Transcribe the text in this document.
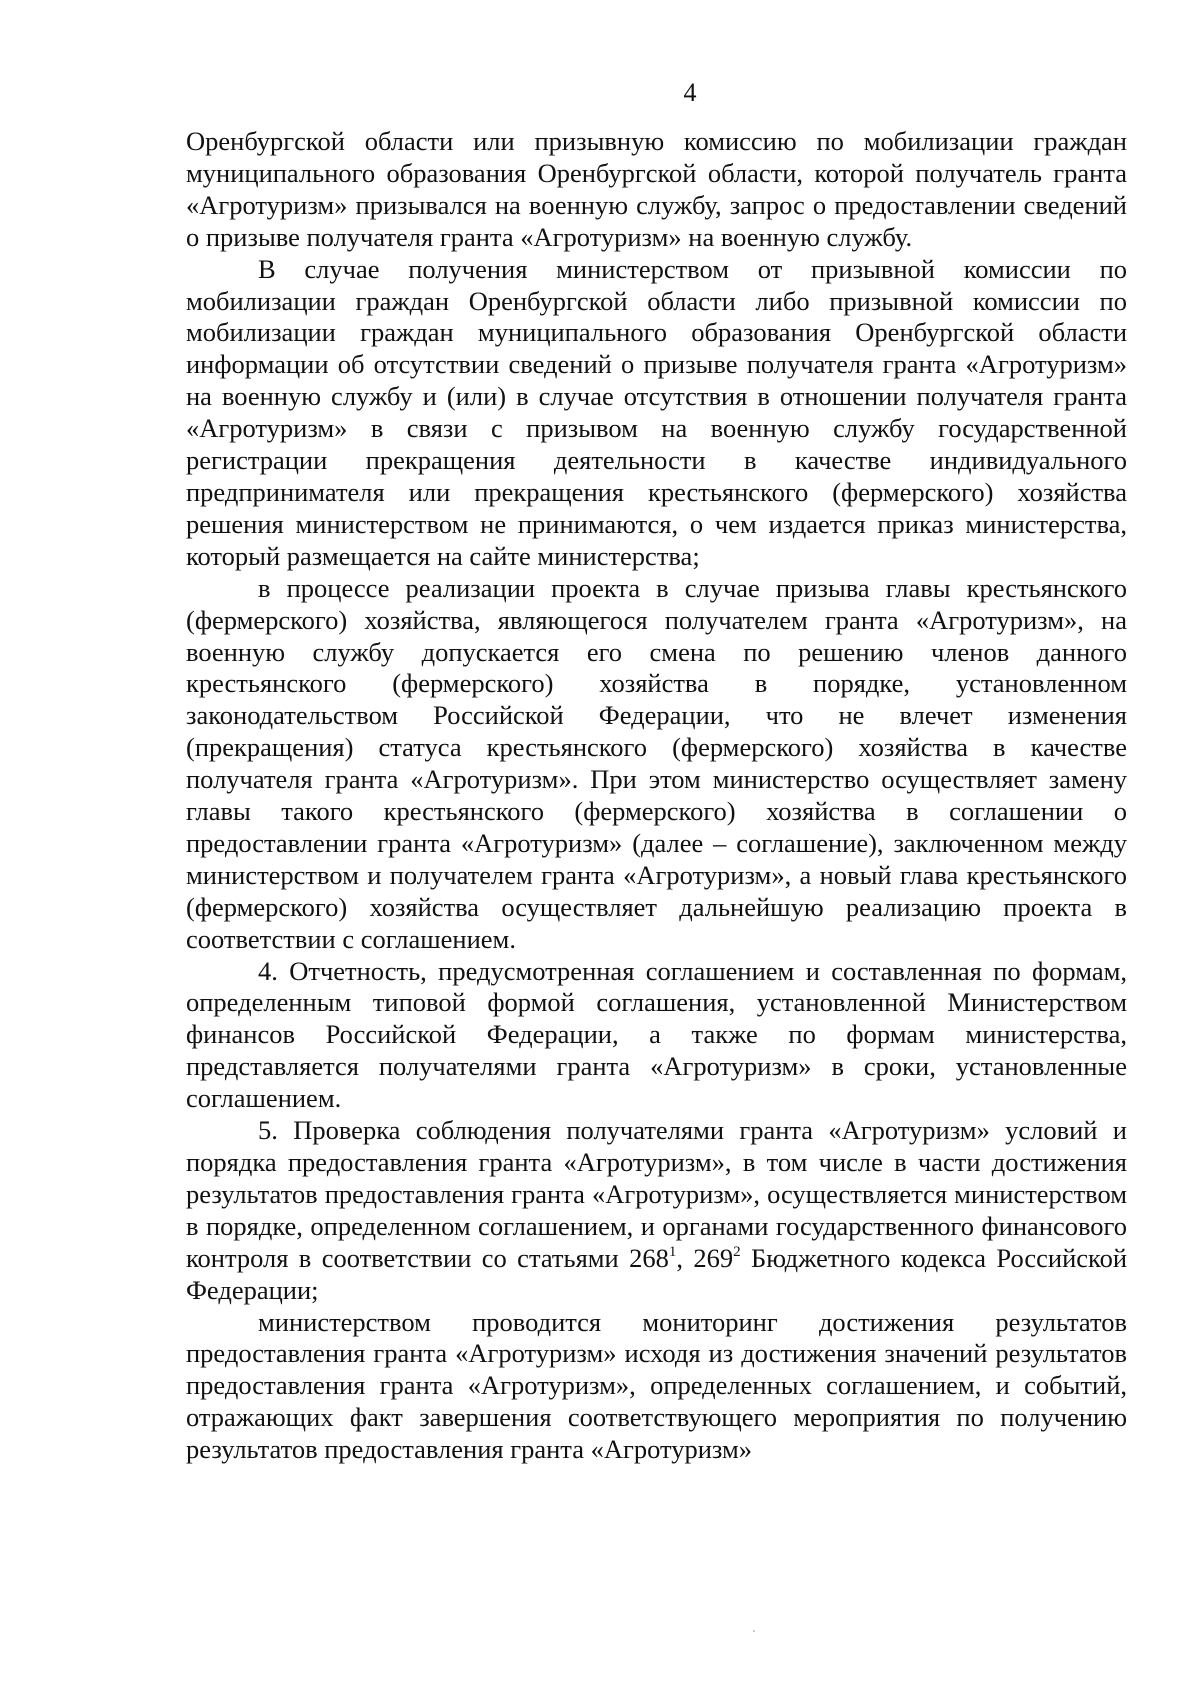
4

Оренбургской области или призывную комиссию по мобилизации граждан муниципального образования Оренбургской области, которой получатель гранта «Агротуризм» призывался на военную службу, запрос о предоставлении сведений о призыве получателя гранта «Агротуризм» на военную службу.

В случае получения министерством от призывной комиссии по мобилизации граждан Оренбургской области либо призывной комиссии по мобилизации граждан муниципального образования Оренбургской области информации об отсутствии сведений о призыве получателя гранта «Агротуризм» на военную службу и (или) в случае отсутствия в отношении получателя гранта «Агротуризм» в связи с призывом на военную службу государственной регистрации прекращения деятельности в качестве индивидуального предпринимателя или прекращения крестьянского (фермерского) хозяйства решения министерством не принимаются, о чем издается приказ министерства, который размещается на сайте министерства;

в процессе реализации проекта в случае призыва главы крестьянского (фермерского) хозяйства, являющегося получателем гранта «Агротуризм», на военную службу допускается его смена по решению членов данного крестьянского (фермерского) хозяйства в порядке, установленном законодательством Российской Федерации, что не влечет изменения (прекращения) статуса крестьянского (фермерского) хозяйства в качестве получателя гранта «Агротуризм». При этом министерство осуществляет замену главы такого крестьянского (фермерского) хозяйства в соглашении о предоставлении гранта «Агротуризм» (далее – соглашение), заключенном между министерством и получателем гранта «Агротуризм», а новый глава крестьянского (фермерского) хозяйства осуществляет дальнейшую реализацию проекта в соответствии с соглашением.

4. Отчетность, предусмотренная соглашением и составленная по формам, определенным типовой формой соглашения, установленной Министерством финансов Российской Федерации, а также по формам министерства, представляется получателями гранта «Агротуризм» в сроки, установленные соглашением.

5. Проверка соблюдения получателями гранта «Агротуризм» условий и порядка предоставления гранта «Агротуризм», в том числе в части достижения результатов предоставления гранта «Агротуризм», осуществляется министерством в порядке, определенном соглашением, и органами государственного финансового контроля в соответствии со статьями $268^1$, $269^2$ Бюджетного кодекса Российской Федерации;

министерством проводится мониторинг достижения результатов предоставления гранта «Агротуризм» исходя из достижения значений результатов предоставления гранта «Агротуризм», определенных соглашением, и событий, отражающих факт завершения соответствующего мероприятия по получению результатов предоставления гранта «Агротуризм»
